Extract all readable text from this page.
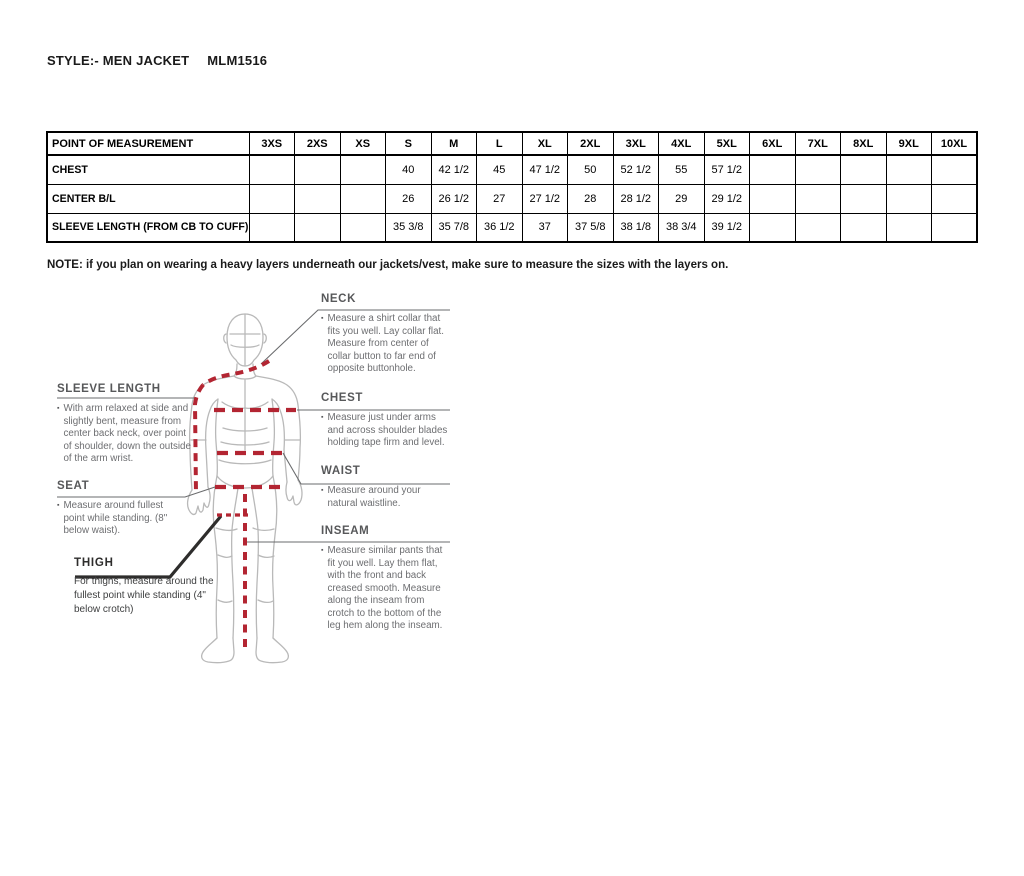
STYLE:- MEN JACKET MLM1516
POINT OF MEASUREMENT	3XS	2XS	XS	S	M	L	XL	2XL	3XL	4XL	5XL	6XL	7XL	8XL	9XL	10XL
CHEST				40	42 1/2	45	47 1/2	50	52 1/2	55	57 1/2					
CENTER B/L				26	26 1/2	27	27 1/2	28	28 1/2	29	29 1/2					
SLEEVE LENGTH (FROM CB TO CUFF)				35 3/8	35 7/8	36 1/2	37	37 5/8	38 1/8	38 3/4	39 1/2					
NOTE: if you plan on wearing a heavy layers underneath our jackets/vest, make sure to measure the sizes with the layers on.
SLEEVE LENGTH
▪ With arm relaxed at side and slightly bent, measure from center back neck, over point of shoulder, down the outside of the arm wrist.
SEAT
▪ Measure around fullest point while standing. (8" below waist).
THIGH
For thighs, measure around the fullest point while standing (4" below crotch)
NECK
▪ Measure a shirt collar that fits you well. Lay collar flat. Measure from center of collar button to far end of opposite buttonhole.
CHEST
▪ Measure just under arms and across shoulder blades holding tape firm and level.
WAIST
▪ Measure around your natural waistline.
INSEAM
▪ Measure similar pants that fit you well. Lay them flat, with the front and back creased smooth. Measure along the inseam from crotch to the bottom of the leg hem along the inseam.
